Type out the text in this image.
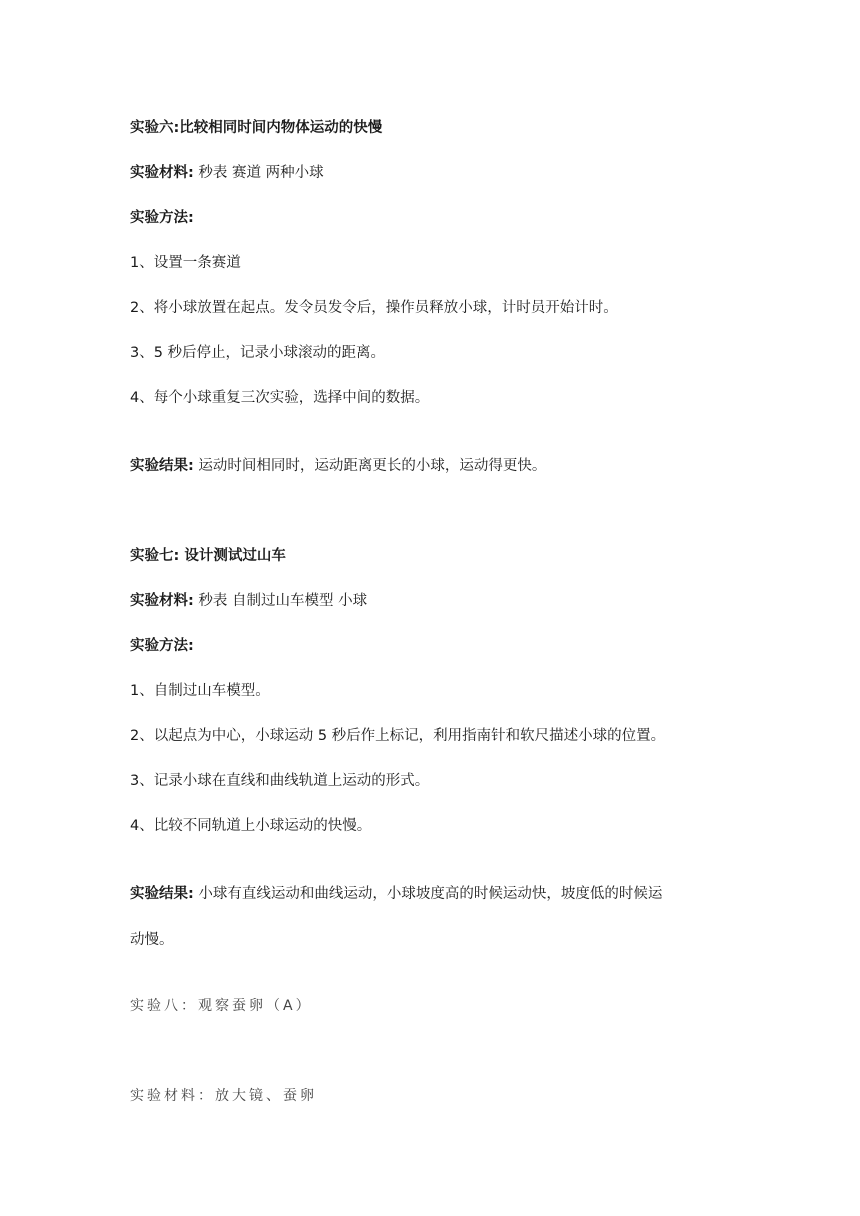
实验六:比较相同时间内物体运动的快慢

实验材料: 秒表 赛道 两种小球

实验方法:

1、设置一条赛道

2、将小球放置在起点。发令员发令后，操作员释放小球，计时员开始计时。

3、5 秒后停止，记录小球滚动的距离。

4、每个小球重复三次实验，选择中间的数据。

实验结果: 运动时间相同时，运动距离更长的小球，运动得更快。

实验七: 设计测试过山车

实验材料: 秒表 自制过山车模型 小球

实验方法:

1、自制过山车模型。

2、以起点为中心，小球运动 5 秒后作上标记，利用指南针和软尺描述小球的位置。

3、记录小球在直线和曲线轨道上运动的形式。

4、比较不同轨道上小球运动的快慢。

实验结果: 小球有直线运动和曲线运动，小球坡度高的时候运动快，坡度低的时候运

动慢。

实验八：观察蚕卵（A）

实验材料：放大镜、蚕卵
